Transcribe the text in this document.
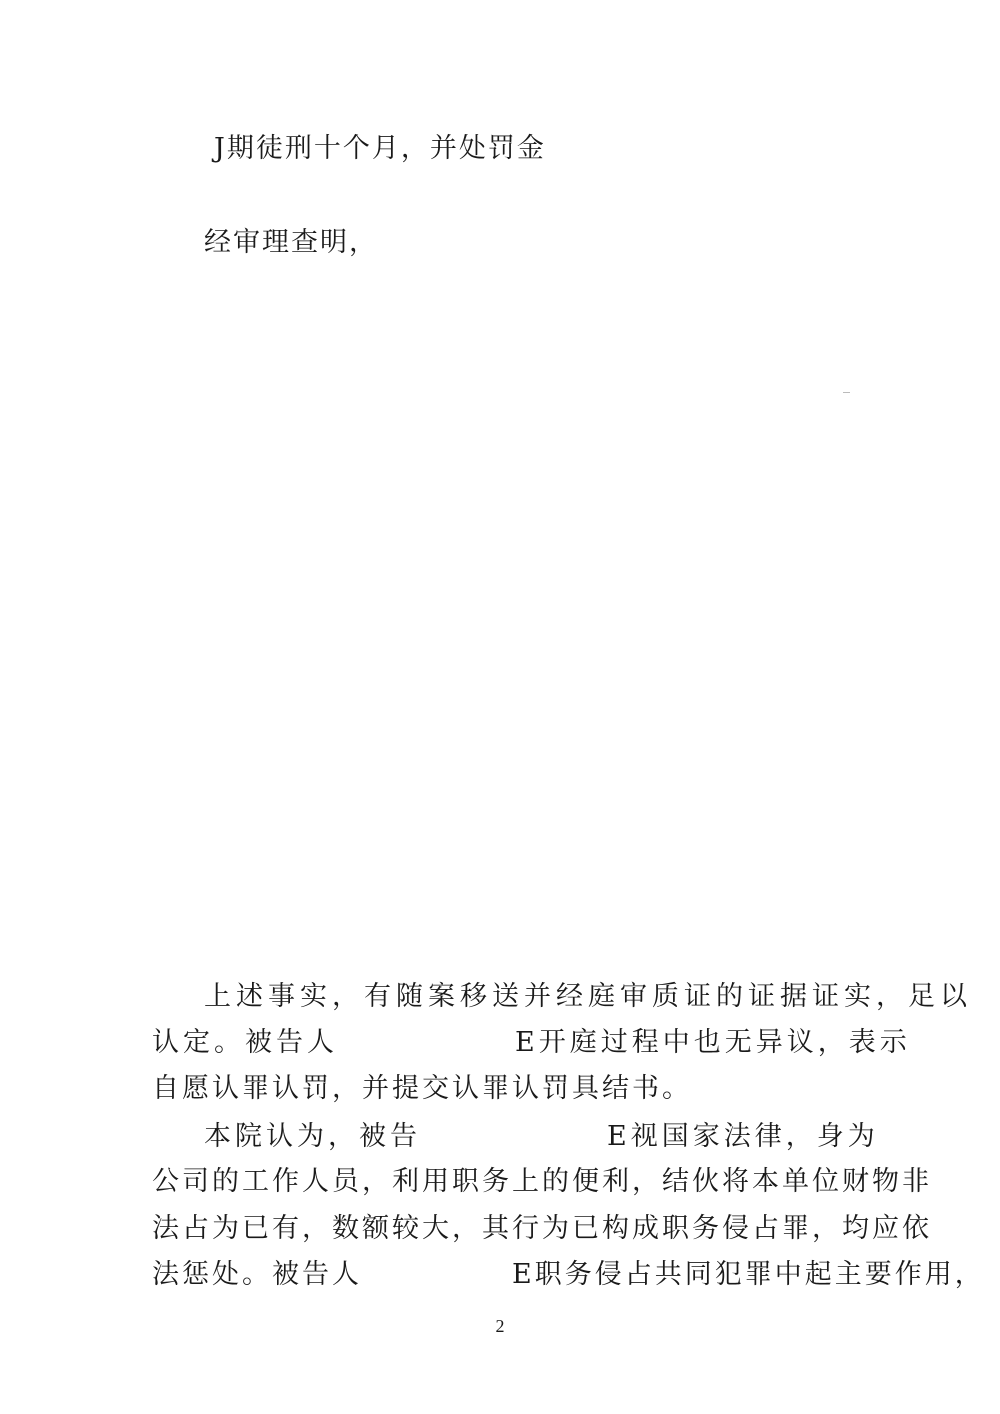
J期徒刑十个月，并处罚金
经审理查明，
上述事实，有随案移送并经庭审质证的证据证实，足以
认定。被告人	E开庭过程中也无异议，表示
自愿认罪认罚，并提交认罪认罚具结书。
本院认为，被告	E视国家法律，身为
公司的工作人员，利用职务上的便利，结伙将本单位财物非
法占为已有，数额较大，其行为已构成职务侵占罪，均应依
法惩处。被告人	E职务侵占共同犯罪中起主要作用，
2
